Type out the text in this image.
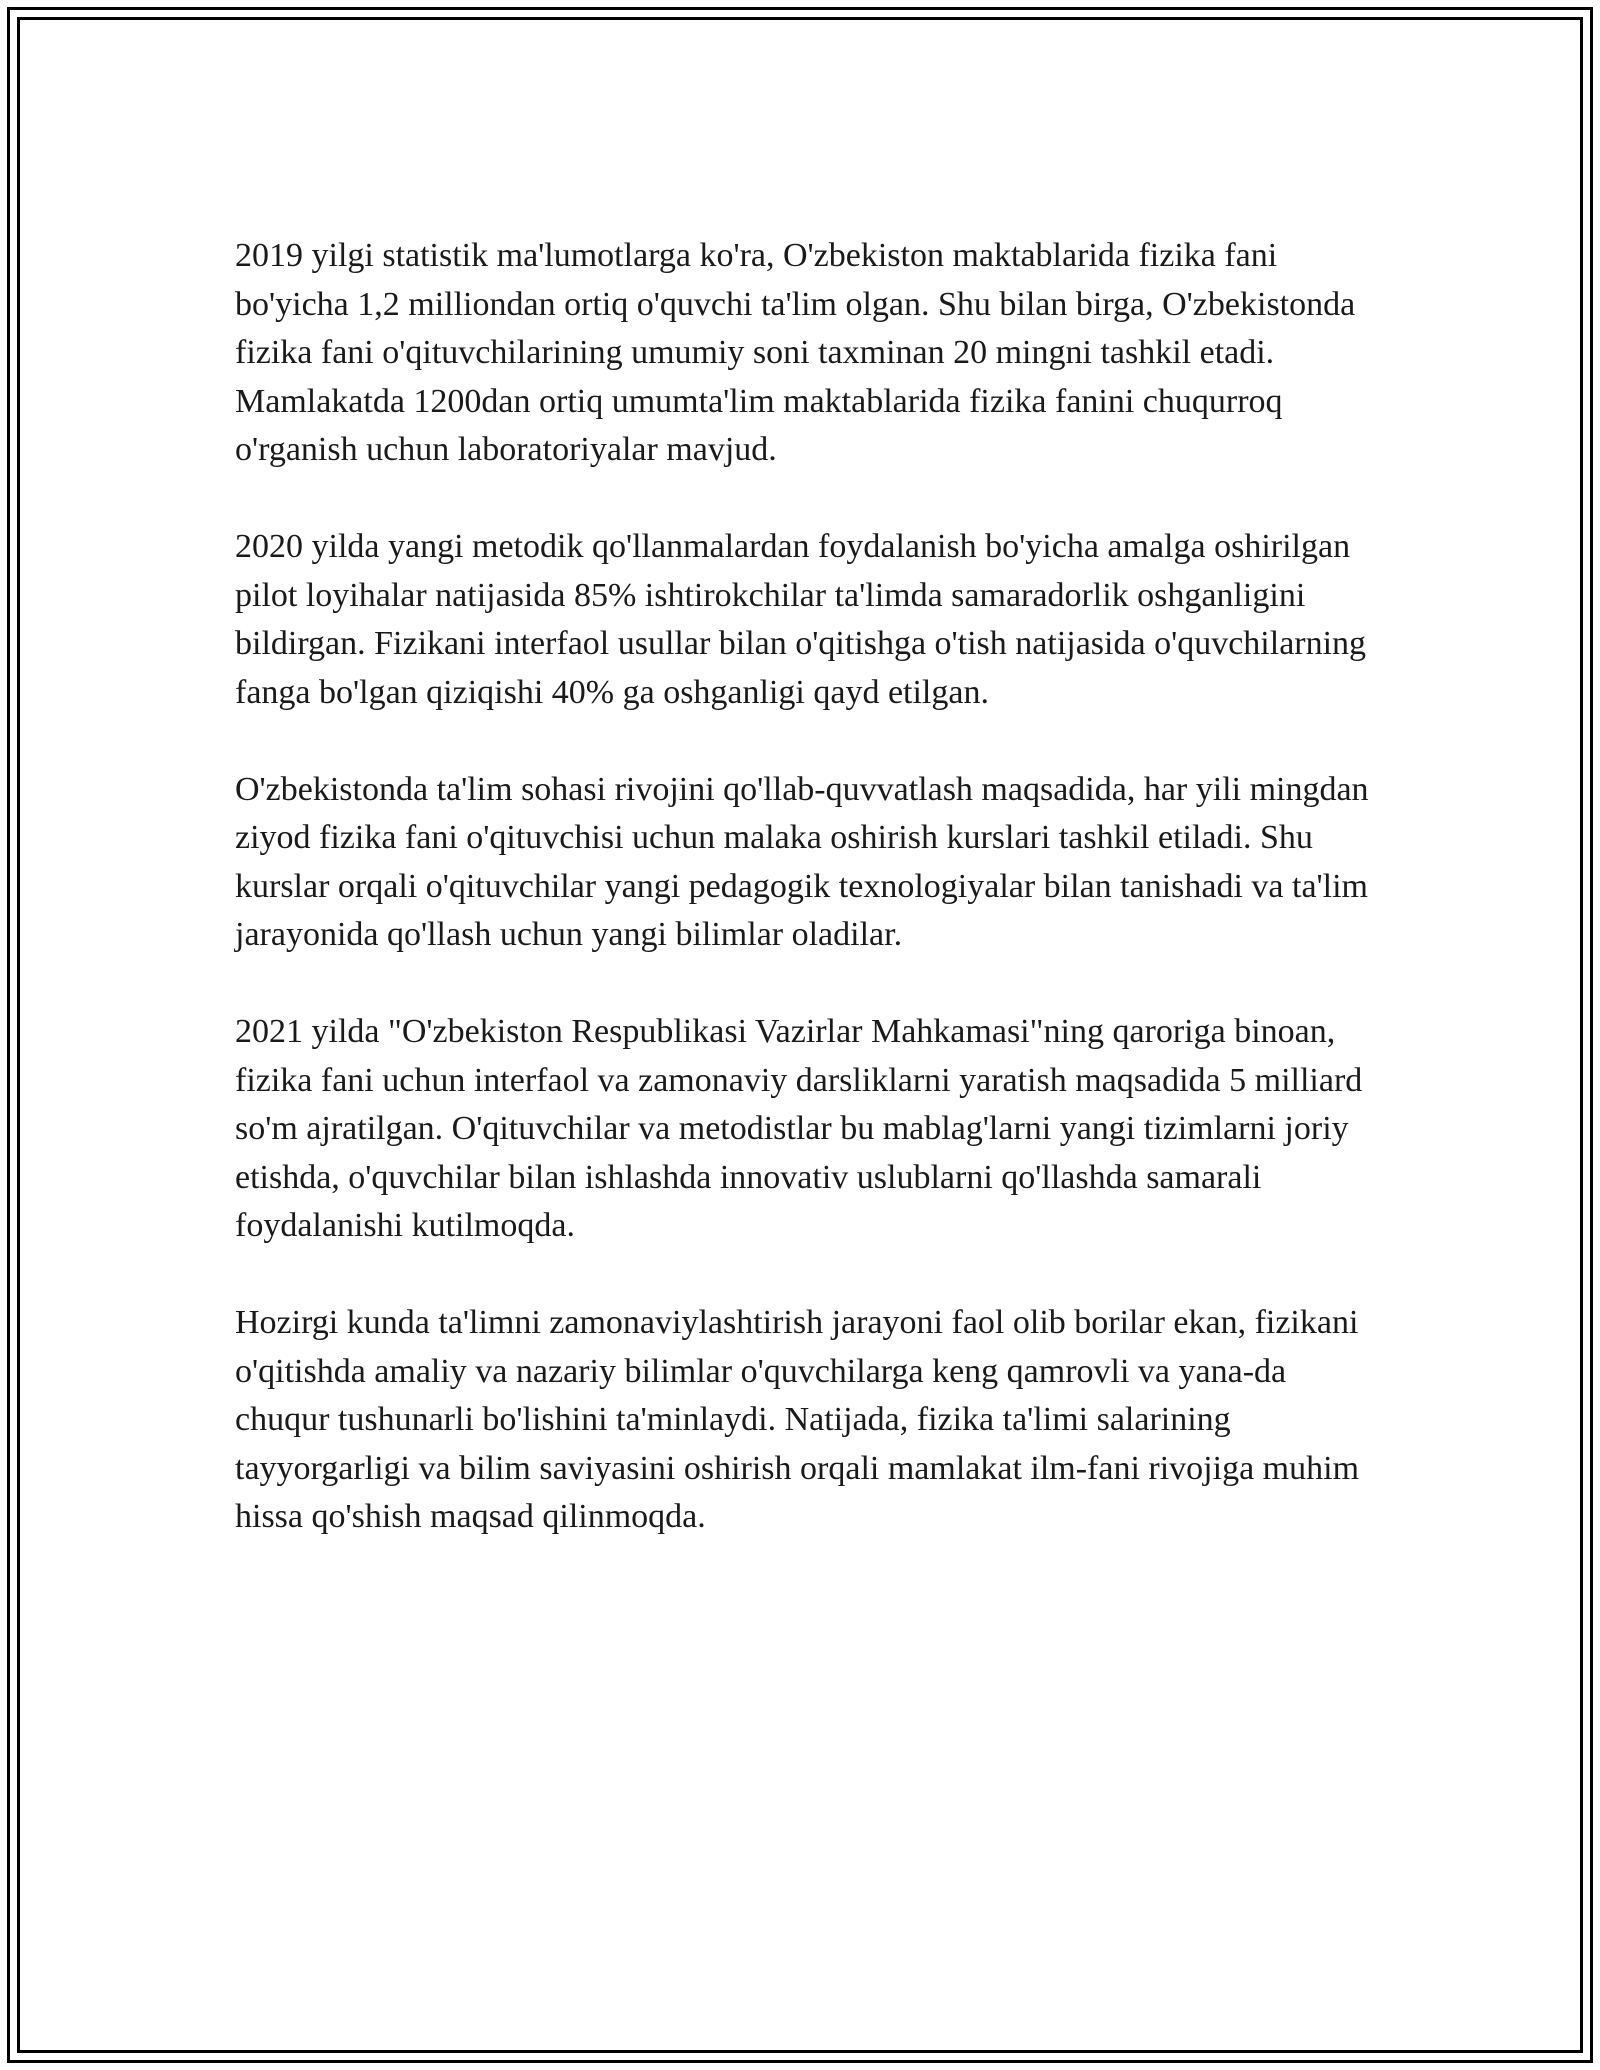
2019 yilgi statistik ma'lumotlarga ko'ra, O'zbekiston maktablarida fizika fani bo'yicha 1,2 milliondan ortiq o'quvchi ta'lim olgan. Shu bilan birga, O'zbekistonda fizika fani o'qituvchilarining umumiy soni taxminan 20 mingni tashkil etadi. Mamlakatda 1200dan ortiq umumta'lim maktablarida fizika fanini chuqurroq o'rganish uchun laboratoriyalar mavjud.

2020 yilda yangi metodik qo'llanmalardan foydalanish bo'yicha amalga oshirilgan pilot loyihalar natijasida 85% ishtirokchilar ta'limda samaradorlik oshganligini bildirgan. Fizikani interfaol usullar bilan o'qitishga o'tish natijasida o'quvchilarning fanga bo'lgan qiziqishi 40% ga oshganligi qayd etilgan.

O'zbekistonda ta'lim sohasi rivojini qo'llab-quvvatlash maqsadida, har yili mingdan ziyod fizika fani o'qituvchisi uchun malaka oshirish kurslari tashkil etiladi. Shu kurslar orqali o'qituvchilar yangi pedagogik texnologiyalar bilan tanishadi va ta'lim jarayonida qo'llash uchun yangi bilimlar oladilar.

2021 yilda "O'zbekiston Respublikasi Vazirlar Mahkamasi"ning qaroriga binoan, fizika fani uchun interfaol va zamonaviy darsliklarni yaratish maqsadida 5 milliard so'm ajratilgan. O'qituvchilar va metodistlar bu mablag'larni yangi tizimlarni joriy etishda, o'quvchilar bilan ishlashda innovativ uslublarni qo'llashda samarali foydalanishi kutilmoqda.

Hozirgi kunda ta'limni zamonaviylashtirish jarayoni faol olib borilar ekan, fizikani o'qitishda amaliy va nazariy bilimlar o'quvchilarga keng qamrovli va yana-da chuqur tushunarli bo'lishini ta'minlaydi. Natijada, fizika ta'limi salarining tayyorgarligi va bilim saviyasini oshirish orqali mamlakat ilm-fani rivojiga muhim hissa qo'shish maqsad qilinmoqda.
